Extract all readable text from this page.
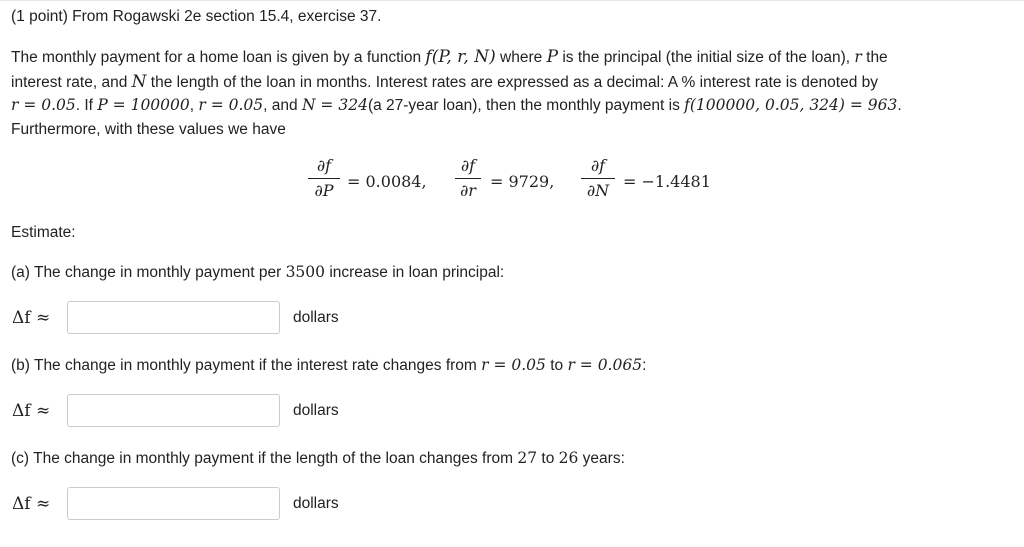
(1 point) From Rogawski 2e section 15.4, exercise 37.
The monthly payment for a home loan is given by a function f(P, r, N) where P is the principal (the initial size of the loan), r the
interest rate, and N the length of the loan in months. Interest rates are expressed as a decimal: A % interest rate is denoted by
r = 0.05. If P = 100000, r = 0.05, and N = 324(a 27-year loan), then the monthly payment is f(100000, 0.05, 324) = 963.
Furthermore, with these values we have
∂f
∂P = 0.0084,
∂f
∂r = 9729,
∂f
∂N = −1.4481
Estimate:
(a) The change in monthly payment per 3500 increase in loan principal:
Δf ≈	dollars
(b) The change in monthly payment if the interest rate changes from r = 0.05 to r = 0.065:
Δf ≈	dollars
(c) The change in monthly payment if the length of the loan changes from 27 to 26 years:
Δf ≈	dollars
